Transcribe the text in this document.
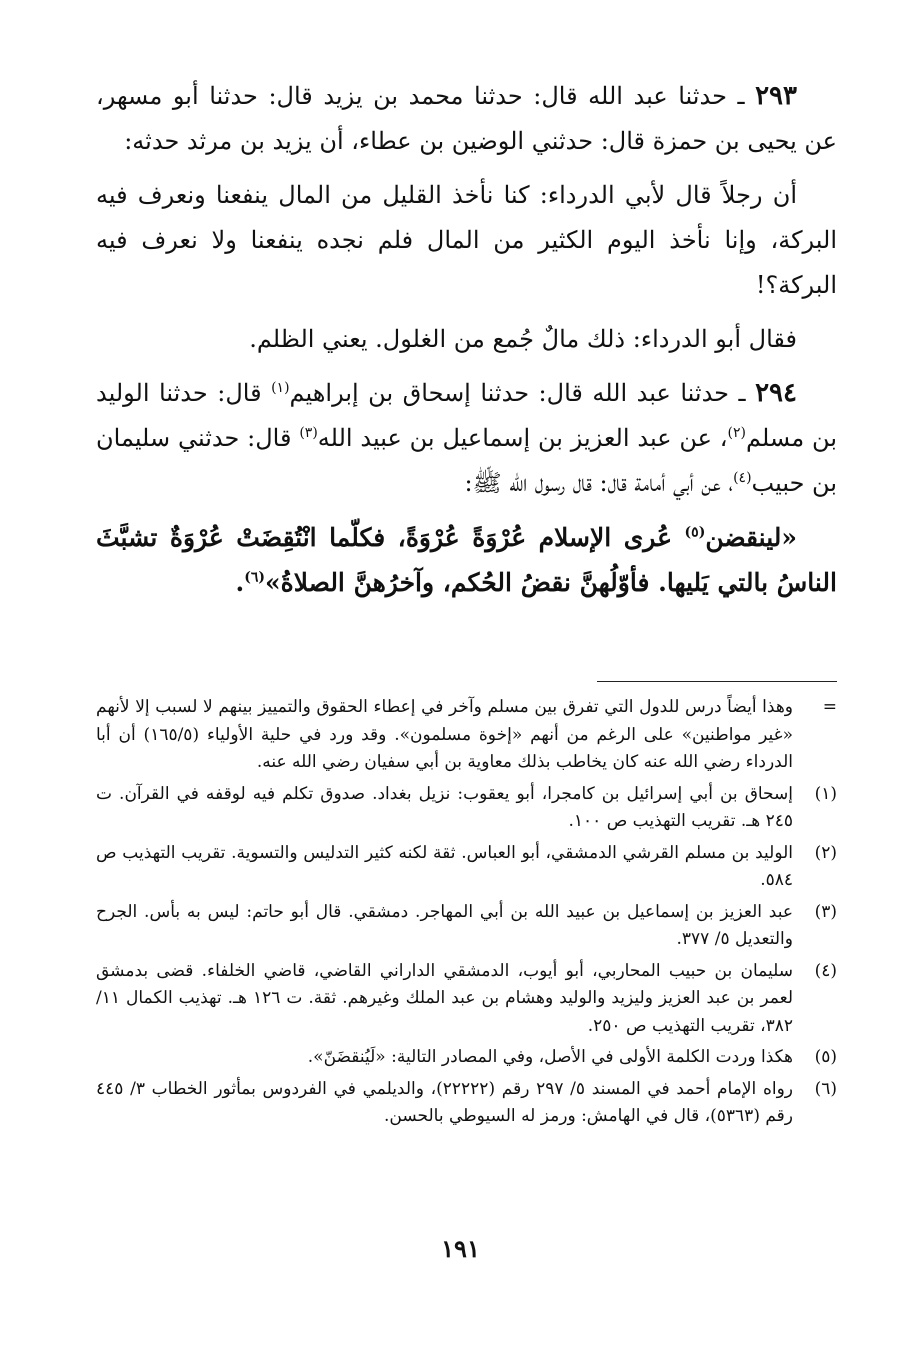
٢٩٣ ـ حدثنا عبد الله قال: حدثنا محمد بن يزيد قال: حدثنا أبو مسهر، عن يحيى بن حمزة قال: حدثني الوضين بن عطاء، أن يزيد بن مرثد حدثه:

أن رجلاً قال لأبي الدرداء: كنا نأخذ القليل من المال ينفعنا ونعرف فيه البركة، وإنا نأخذ اليوم الكثير من المال فلم نجده ينفعنا ولا نعرف فيه البركة؟!

فقال أبو الدرداء: ذلك مالٌ جُمع من الغلول. يعني الظلم.

٢٩٤ ـ حدثنا عبد الله قال: حدثنا إسحاق بن إبراهيم$^{(١)}$ قال: حدثنا الوليد بن مسلم$^{(٢)}$، عن عبد العزيز بن إسماعيل بن عبيد الله$^{(٣)}$ قال: حدثني سليمان بن حبيب$^{(٤)}$، عن أبي أمامة قال: قال رسول الله ﷺ:

«لينقضن$^{(٥)}$ عُرى الإسلام عُرْوَةً عُرْوَةً، فكلّما انْتُقِضَتْ عُرْوَةٌ تشبَّثَ الناسُ بالتي يَليها. فأوّلُهنَّ نقضُ الحُكم، وآخرُهنَّ الصلاةُ»$^{(٦)}$.

=
وهذا أيضاً درس للدول التي تفرق بين مسلم وآخر في إعطاء الحقوق والتمييز بينهم لا لسبب إلا لأنهم «غير مواطنين» على الرغم من أنهم «إخوة مسلمون». وقد ورد في حلية الأولياء (١٦٥/٥) أن أبا الدرداء رضي الله عنه كان يخاطب بذلك معاوية بن أبي سفيان رضي الله عنه.
(١)
إسحاق بن أبي إسرائيل بن كامجرا، أبو يعقوب: نزيل بغداد. صدوق تكلم فيه لوقفه في القرآن. ت ٢٤٥ هـ. تقريب التهذيب ص ١٠٠.
(٢)
الوليد بن مسلم القرشي الدمشقي، أبو العباس. ثقة لكنه كثير التدليس والتسوية. تقريب التهذيب ص ٥٨٤.
(٣)
عبد العزيز بن إسماعيل بن عبيد الله بن أبي المهاجر. دمشقي. قال أبو حاتم: ليس به بأس. الجرح والتعديل ٥/ ٣٧٧.
(٤)
سليمان بن حبيب المحاربي، أبو أيوب، الدمشقي الداراني القاضي، قاضي الخلفاء. قضى بدمشق لعمر بن عبد العزيز وليزيد والوليد وهشام بن عبد الملك وغيرهم. ثقة. ت ١٢٦ هـ. تهذيب الكمال ١١/ ٣٨٢، تقريب التهذيب ص ٢٥٠.
(٥)
هكذا وردت الكلمة الأولى في الأصل، وفي المصادر التالية: «لَيُنقضَنّ».
(٦)
رواه الإمام أحمد في المسند ٥/ ٢٩٧ رقم (٢٢٢٢٢)، والديلمي في الفردوس بمأثور الخطاب ٣/ ٤٤٥ رقم (٥٣٦٣)، قال في الهامش: ورمز له السيوطي بالحسن.
١٩١
